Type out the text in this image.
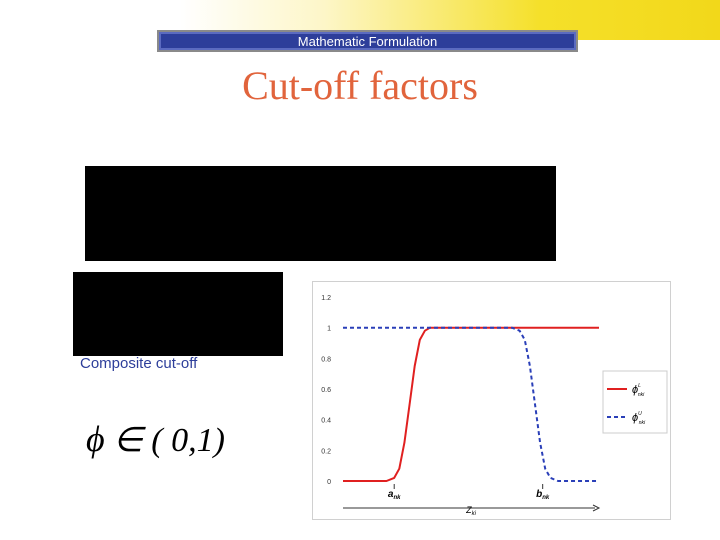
Mathematic Formulation
Cut-off factors
Composite cut-off
ϕ ∈ ( 0,1)
0
0.2
0.4
0.6
0.8
1
1.2
$Z_{ki}$
$a_{nk}$	$b_{nk}$
$\phi^L$ nki
$\phi^U$ nki
